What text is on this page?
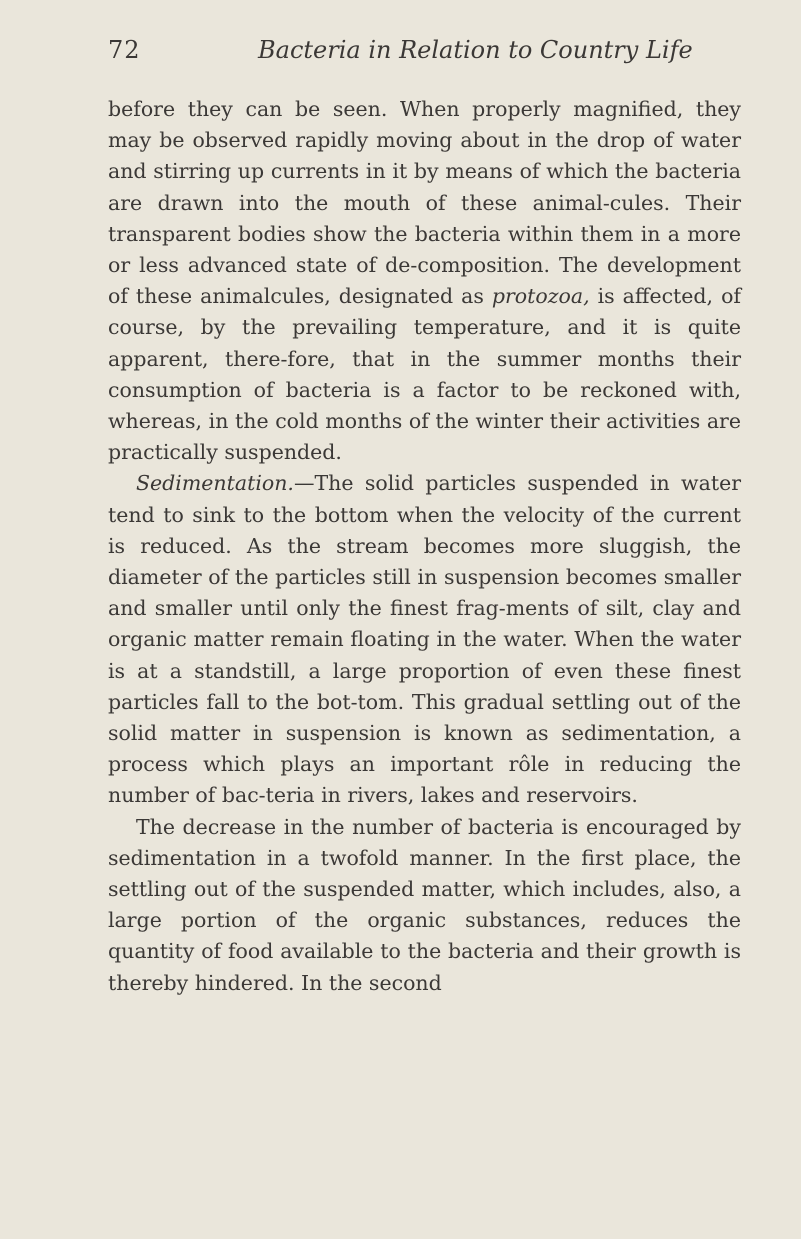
72	Bacteria in Relation to Country Life

before they can be seen. When properly magnified, they may be observed rapidly moving about in the drop of water and stirring up currents in it by means of which the bacteria are drawn into the mouth of these animal-cules. Their transparent bodies show the bacteria within them in a more or less advanced state of de-composition. The development of these animalcules, designated as protozoa, is affected, of course, by the prevailing temperature, and it is quite apparent, there-fore, that in the summer months their consumption of bacteria is a factor to be reckoned with, whereas, in the cold months of the winter their activities are practically suspended.

Sedimentation.—The solid particles suspended in water tend to sink to the bottom when the velocity of the current is reduced. As the stream becomes more sluggish, the diameter of the particles still in suspension becomes smaller and smaller until only the finest frag-ments of silt, clay and organic matter remain floating in the water. When the water is at a standstill, a large proportion of even these finest particles fall to the bot-tom. This gradual settling out of the solid matter in suspension is known as sedimentation, a process which plays an important rôle in reducing the number of bac-teria in rivers, lakes and reservoirs.

The decrease in the number of bacteria is encouraged by sedimentation in a twofold manner. In the first place, the settling out of the suspended matter, which includes, also, a large portion of the organic substances, reduces the quantity of food available to the bacteria and their growth is thereby hindered. In the second
